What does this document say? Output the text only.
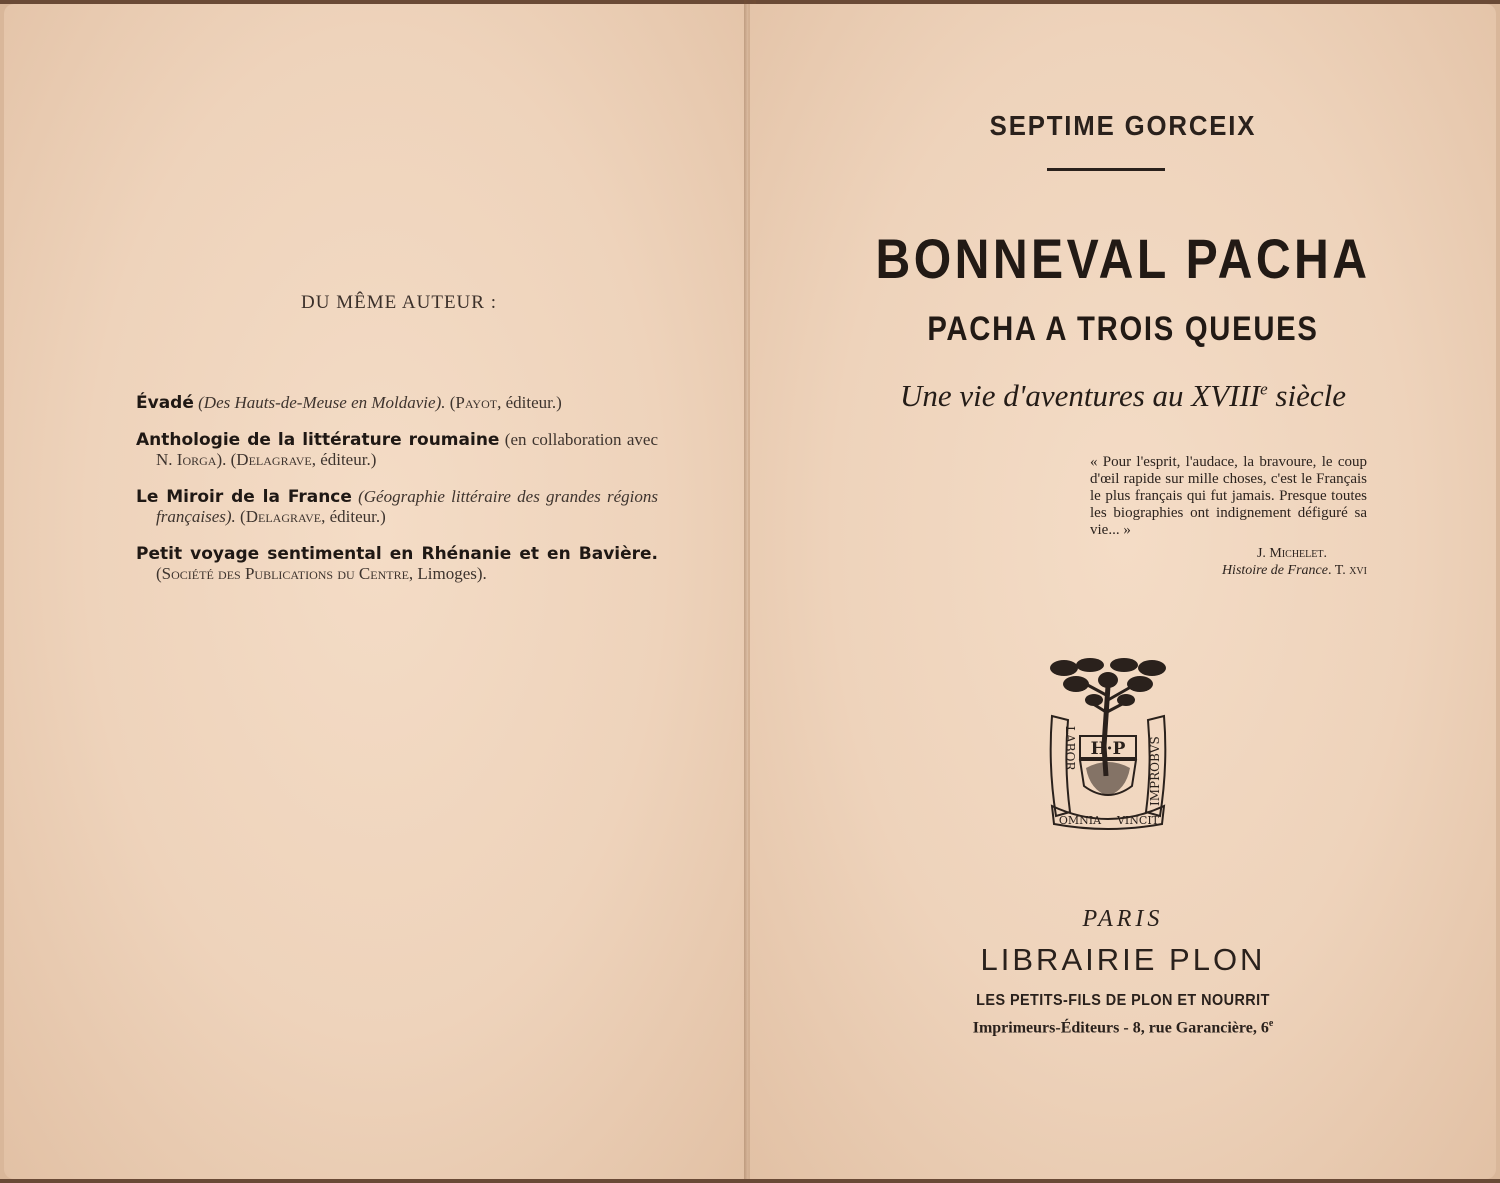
DU MÊME AUTEUR :

Évadé (Des Hauts-de-Meuse en Moldavie). (Payot, éditeur.)

Anthologie de la littérature roumaine (en collaboration avec N. Iorga). (Delagrave, éditeur.)

Le Miroir de la France (Géographie littéraire des grandes régions françaises). (Delagrave, éditeur.)

Petit voyage sentimental en Rhénanie et en Bavière. (Société des Publications du Centre, Limoges).

SEPTIME GORCEIX
BONNEVAL PACHA
PACHA A TROIS QUEUES
Une vie d'aventures au XVIIIe siècle
« Pour l'esprit, l'audace, la bravoure, le coup d'œil rapide sur mille choses, c'est le Français le plus français qui fut jamais. Presque toutes les biographies ont indignement défiguré sa vie... »
J. Michelet.
Histoire de France. T. xvi
H·P
LABOR	IMPROBVS
OMNIA VINCIT
PARIS
LIBRAIRIE PLON
LES PETITS-FILS DE PLON ET NOURRIT
Imprimeurs-Éditeurs - 8, rue Garancière, 6e
